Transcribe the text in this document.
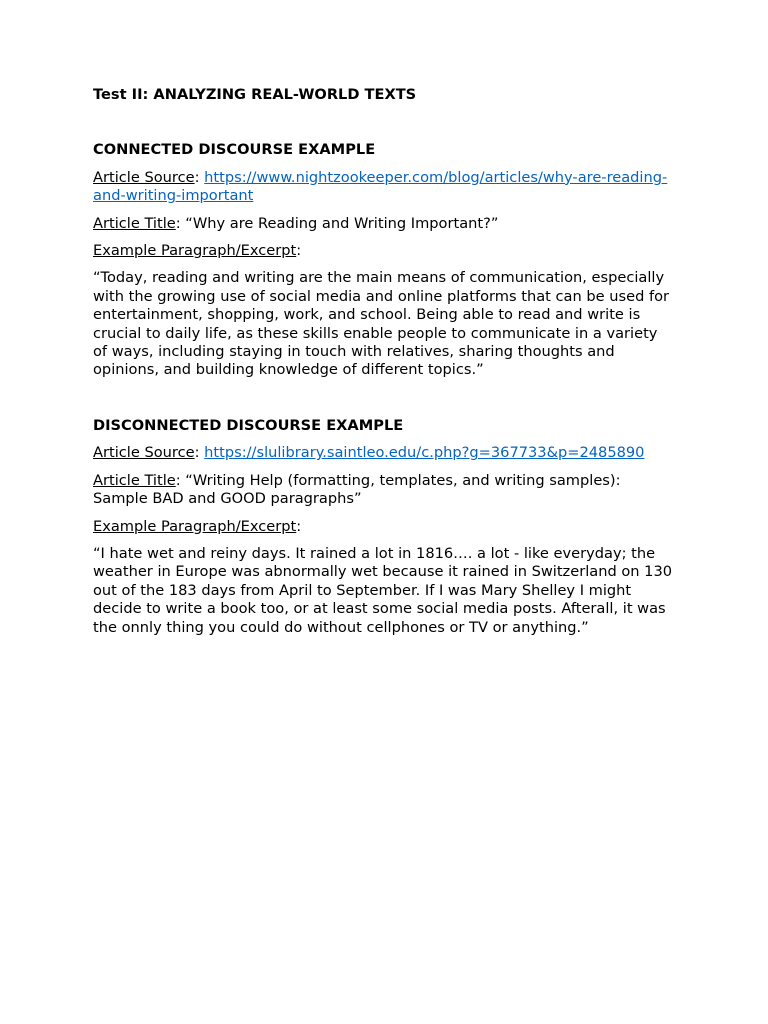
Test II: ANALYZING REAL-WORLD TEXTS
CONNECTED DISCOURSE EXAMPLE
Article Source: https://www.nightzookeeper.com/blog/articles/why-are-reading-and-writing-important
Article Title: “Why are Reading and Writing Important?”
Example Paragraph/Excerpt:
“Today, reading and writing are the main means of communication, especially with the growing use of social media and online platforms that can be used for entertainment, shopping, work, and school. Being able to read and write is crucial to daily life, as these skills enable people to communicate in a variety of ways, including staying in touch with relatives, sharing thoughts and opinions, and building knowledge of different topics.”
DISCONNECTED DISCOURSE EXAMPLE
Article Source: https://slulibrary.saintleo.edu/c.php?g=367733&p=2485890
Article Title: “Writing Help (formatting, templates, and writing samples): Sample BAD and GOOD paragraphs”
Example Paragraph/Excerpt:
“I hate wet and reiny days. It rained a lot in 1816…. a lot - like everyday; the weather in Europe was abnormally wet because it rained in Switzerland on 130 out of the 183 days from April to September. If I was Mary Shelley I might decide to write a book too, or at least some social media posts. Afterall, it was the onnly thing you could do without cellphones or TV or anything.”
